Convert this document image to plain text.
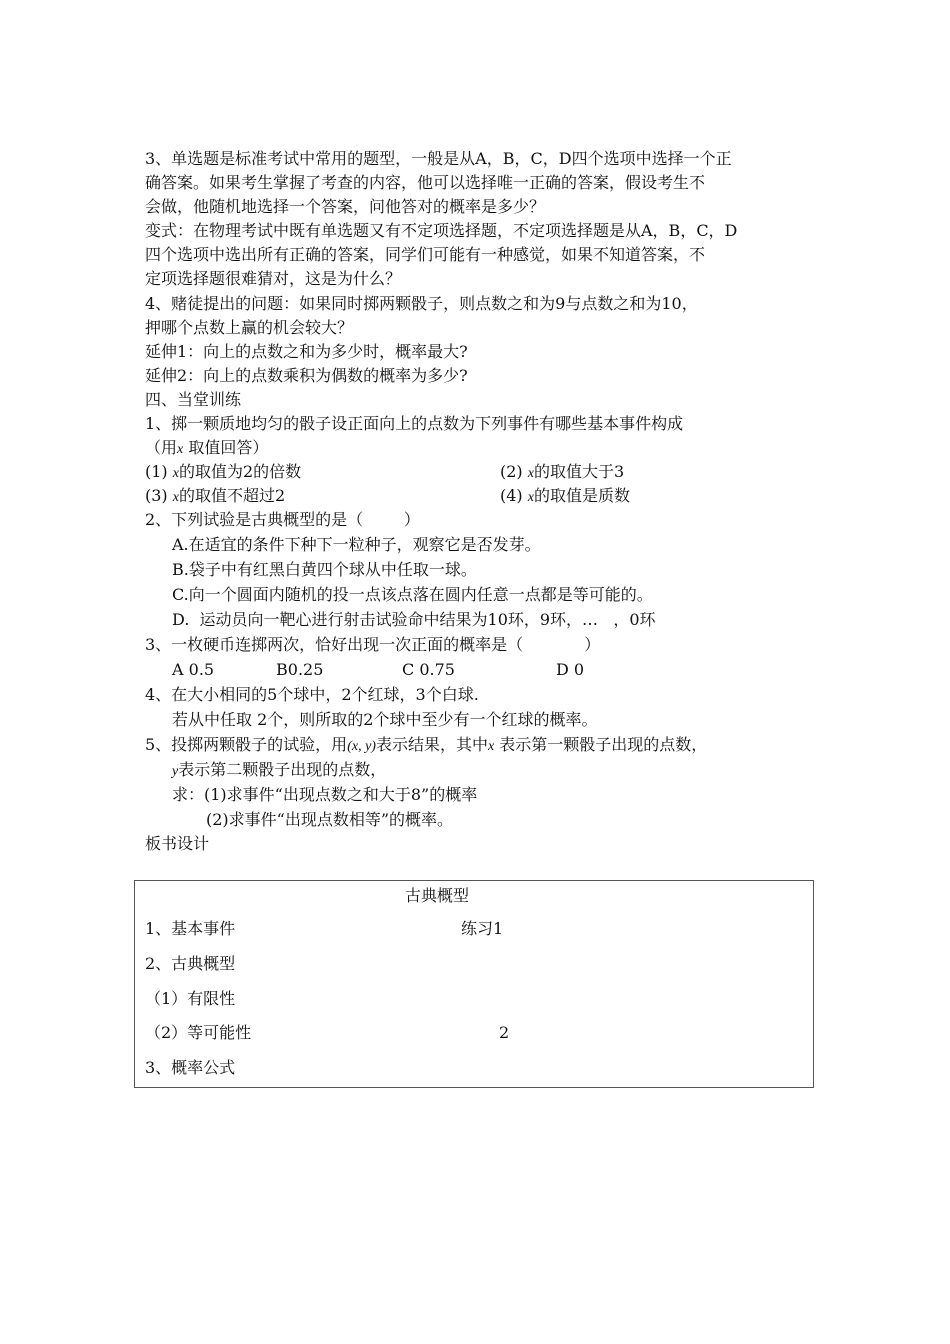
3、单选题是标准考试中常用的题型，一般是从A，B，C，D四个选项中选择一个正
确答案。如果考生掌握了考查的内容，他可以选择唯一正确的答案，假设考生不
会做，他随机地选择一个答案，问他答对的概率是多少？
变式：在物理考试中既有单选题又有不定项选择题，不定项选择题是从A，B，C，D
四个选项中选出所有正确的答案，同学们可能有一种感觉，如果不知道答案，不
定项选择题很难猜对，这是为什么？
4、赌徒提出的问题：如果同时掷两颗骰子，则点数之和为9与点数之和为10，
押哪个点数上赢的机会较大？
延伸1：向上的点数之和为多少时，概率最大?
延伸2：向上的点数乘积为偶数的概率为多少?
四、当堂训练
1、掷一颗质地均匀的骰子设正面向上的点数为下列事件有哪些基本事件构成
（用x 取值回答）
(1) x的取值为2的倍数	(2) x的取值大于3
(3) x的取值不超过2	(4) x的取值是质数
2、下列试验是古典概型的是（        ）
A.在适宜的条件下种下一粒种子，观察它是否发芽。
B.袋子中有红黑白黄四个球从中任取一球。
C.向一个圆面内随机的投一点该点落在圆内任意一点都是等可能的。
D.  运动员向一靶心进行射击试验命中结果为10环，9环，…   ，0环
3、一枚硬币连掷两次，恰好出现一次正面的概率是（            ）
A 0.5	B0.25	C 0.75	D 0
4、在大小相同的5个球中，2个红球，3个白球.
若从中任取 2个，则所取的2个球中至少有一个红球的概率。
5、投掷两颗骰子的试验，用(x, y)表示结果，其中x 表示第一颗骰子出现的点数，
y表示第二颗骰子出现的点数，
求：(1)求事件“出现点数之和大于8”的概率
(2)求事件“出现点数相等”的概率。
板书设计
古典概型
1、基本事件	练习1
2、古典概型
（1）有限性
（2）等可能性	2
3、概率公式
